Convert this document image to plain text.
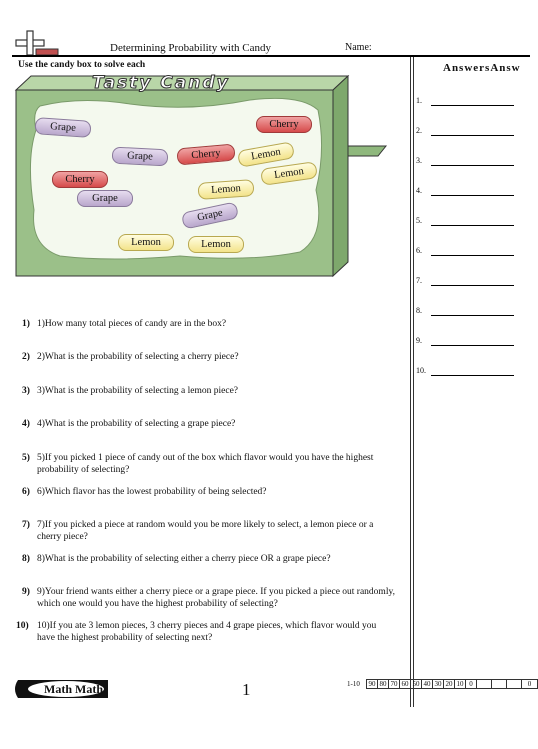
Determining Probability with Candy	Name:
Use the candy box to solve each
Tasty Candy
Grape	Cherry
Grape	Cherry	Lemon
Cherry	Lemon
Grape
Lemon
Grape
Lemon	Lemon
AnswersAnsw
1.
2.
3.
4.
5.
6.
7.
8.
9.
10.
1) 1)How many total pieces of candy are in the box?
2) 2)What is the probability of selecting a cherry piece?
3) 3)What is the probability of selecting a lemon piece?
4) 4)What is the probability of selecting a grape piece?
5) 5)If you picked 1 piece of candy out of the box which flavor would you have the highest probability of selecting?
6) 6)Which flavor has the lowest probability of being selected?
7) 7)If you picked a piece at random would you be more likely to select, a lemon piece or a cherry piece?
8) 8)What is the probability of selecting either a cherry piece OR a grape piece?
9) 9)Your friend wants either a cherry piece or a grape piece. If you picked a piece out randomly, which one would you have the highest probability of selecting?
10) 10)If you ate 3 lemon pieces, 3 cherry pieces and 4 grape pieces, which flavor would you have the highest probability of selecting next?
Math Math	1	1-10 90 80 70 60 50 40 30 20 10 0	0
